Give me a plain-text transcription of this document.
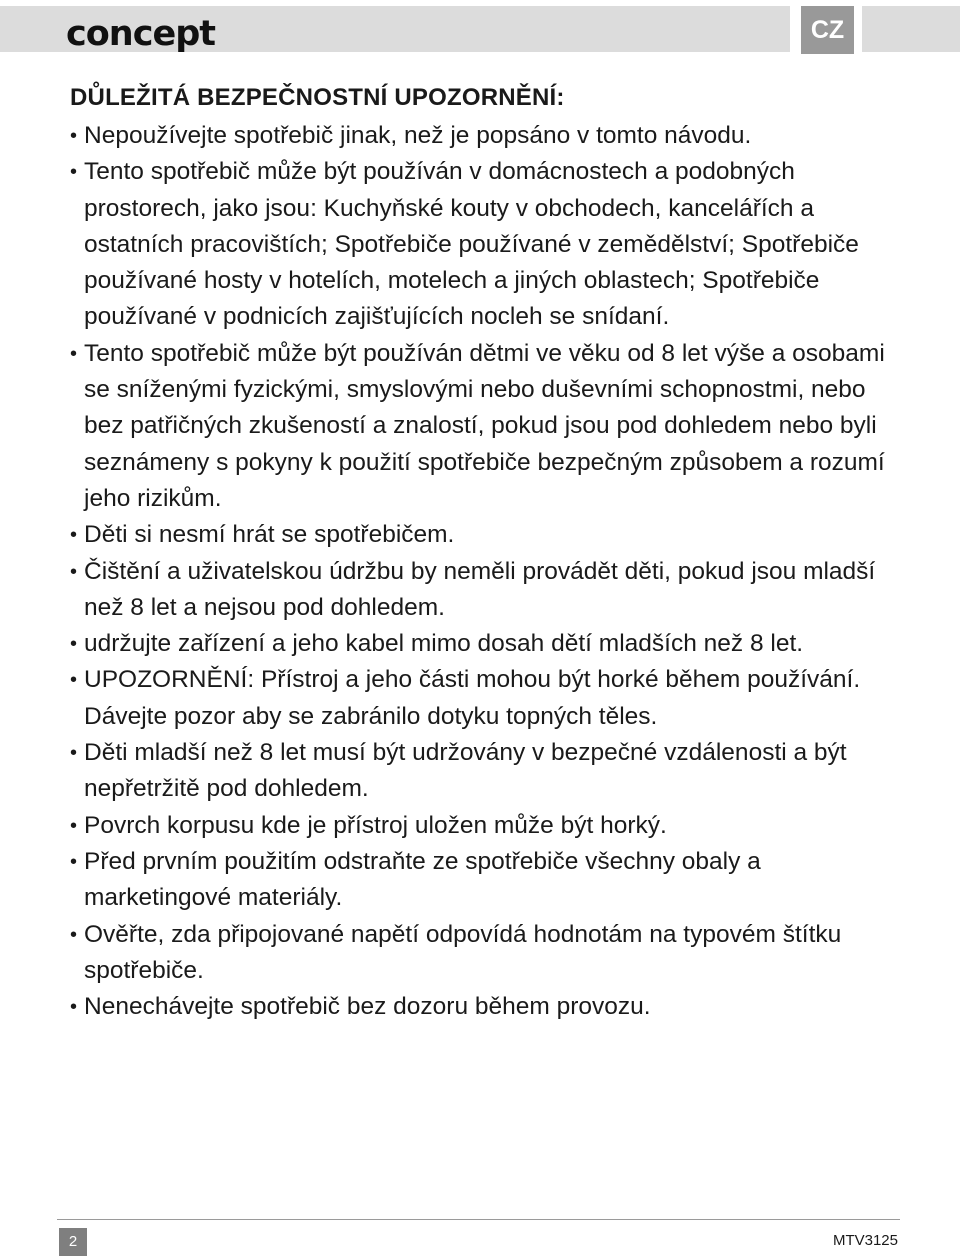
concept	CZ
DŮLEŽITÁ BEZPEČNOSTNÍ UPOZORNĚNÍ:
• Nepoužívejte spotřebič jinak, než je popsáno v tomto návodu.
• Tento spotřebič může být používán v domácnostech a podobných prostorech, jako jsou: Kuchyňské kouty v obchodech, kancelářích a ostatních pracovištích; Spotřebiče používané v zemědělství; Spotřebiče používané hosty v hotelích, motelech a jiných oblastech; Spotřebiče používané v podnicích zajišťujících nocleh se snídaní.
• Tento spotřebič může být používán dětmi ve věku od 8 let výše a osobami se sníženými fyzickými, smyslovými nebo duševními schopnostmi, nebo bez patřičných zkušeností a znalostí, pokud jsou pod dohledem nebo byli seznámeny s pokyny k použití spotřebiče bezpečným způsobem a rozumí jeho rizikům.
• Děti si nesmí hrát se spotřebičem.
• Čištění a uživatelskou údržbu by neměli provádět děti, pokud jsou mladší než 8 let a nejsou pod dohledem.
• udržujte zařízení a jeho kabel mimo dosah dětí mladších než 8 let.
• UPOZORNĚNÍ: Přístroj a jeho části mohou být horké během používání. Dávejte pozor aby se zabránilo dotyku topných těles.
• Děti mladší než 8 let musí být udržovány v bezpečné vzdálenosti a být nepřetržitě pod dohledem.
• Povrch korpusu kde je přístroj uložen může být horký.
• Před prvním použitím odstraňte ze spotřebiče všechny obaly a marketingové materiály.
• Ověřte, zda připojované napětí odpovídá hodnotám na typovém štítku spotřebiče.
• Nenechávejte spotřebič bez dozoru během provozu.
2	MTV3125
